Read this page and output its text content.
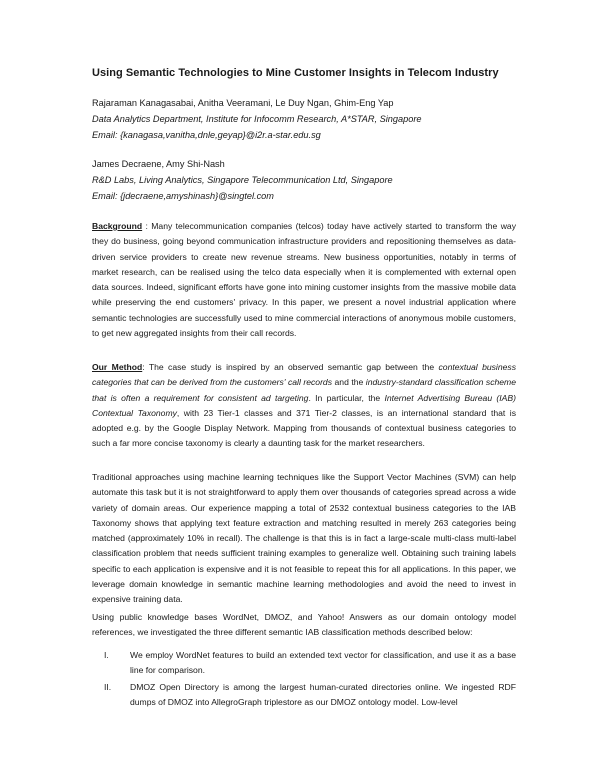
Using Semantic Technologies to Mine Customer Insights in Telecom Industry
Rajaraman Kanagasabai, Anitha Veeramani, Le Duy Ngan, Ghim-Eng Yap
Data Analytics Department, Institute for Infocomm Research, A*STAR, Singapore
Email: {kanagasa,vanitha,dnle,geyap}@i2r.a-star.edu.sg
James Decraene, Amy Shi-Nash
R&D Labs, Living Analytics, Singapore Telecommunication Ltd, Singapore
Email: {jdecraene,amyshinash}@singtel.com
Background : Many telecommunication companies (telcos) today have actively started to transform the way they do business, going beyond communication infrastructure providers and repositioning themselves as data-driven service providers to create new revenue streams. New business opportunities, notably in terms of market research, can be realised using the telco data especially when it is complemented with external open data sources. Indeed, significant efforts have gone into mining customer insights from the massive mobile data while preserving the end customers' privacy. In this paper, we present a novel industrial application where semantic technologies are successfully used to mine commercial interactions of anonymous mobile customers, to get new aggregated insights from their call records.
Our Method: The case study is inspired by an observed semantic gap between the contextual business categories that can be derived from the customers' call records and the industry-standard classification scheme that is often a requirement for consistent ad targeting. In particular, the Internet Advertising Bureau (IAB) Contextual Taxonomy, with 23 Tier-1 classes and 371 Tier-2 classes, is an international standard that is adopted e.g. by the Google Display Network. Mapping from thousands of contextual business categories to such a far more concise taxonomy is clearly a daunting task for the market researchers.
Traditional approaches using machine learning techniques like the Support Vector Machines (SVM) can help automate this task but it is not straightforward to apply them over thousands of categories spread across a wide variety of domain areas. Our experience mapping a total of 2532 contextual business categories to the IAB Taxonomy shows that applying text feature extraction and matching resulted in merely 263 categories being matched (approximately 10% in recall). The challenge is that this is in fact a large-scale multi-class multi-label classification problem that needs sufficient training examples to generalize well. Obtaining such training labels specific to each application is expensive and it is not feasible to repeat this for all applications. In this paper, we leverage domain knowledge in semantic machine learning methodologies and avoid the need to invest in expensive training data.
Using public knowledge bases WordNet, DMOZ, and Yahoo! Answers as our domain ontology model references, we investigated the three different semantic IAB classification methods described below:
I. We employ WordNet features to build an extended text vector for classification, and use it as a base line for comparison.
II. DMOZ Open Directory is among the largest human-curated directories online. We ingested RDF dumps of DMOZ into AllegroGraph triplestore as our DMOZ ontology model. Low-level
